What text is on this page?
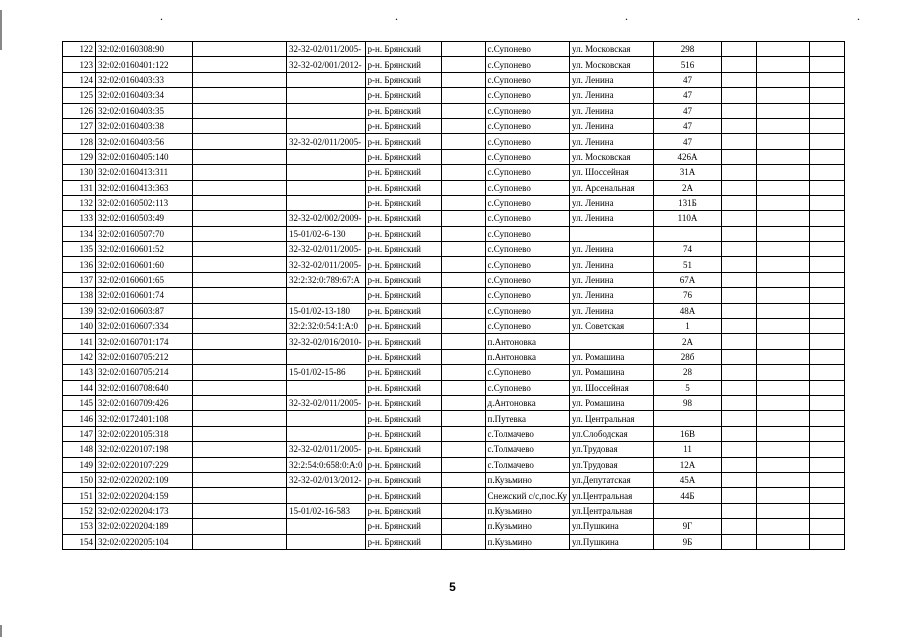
.	.	.	.
122	32:02:0160308:90		32-32-02/011/2005-	р-н. Брянский		с.Супонево	ул. Московская	298			
123	32:02:0160401:122		32-32-02/001/2012-	р-н. Брянский		с.Супонево	ул. Московская	516			
124	32:02:0160403:33			р-н. Брянский		с.Супонево	ул. Ленина	47			
125	32:02:0160403:34			р-н. Брянский		с.Супонево	ул. Ленина	47			
126	32:02:0160403:35			р-н. Брянский		с.Супонево	ул. Ленина	47			
127	32:02:0160403:38			р-н. Брянский		с.Супонево	ул. Ленина	47			
128	32:02:0160403:56		32-32-02/011/2005-	р-н. Брянский		с.Супонево	ул. Ленина	47			
129	32:02:0160405:140			р-н. Брянский		с.Супонево	ул. Московская	426А			
130	32:02:0160413:311			р-н. Брянский		с.Супонево	ул. Шоссейная	31А			
131	32:02:0160413:363			р-н. Брянский		с.Супонево	ул. Арсенальная	2А			
132	32:02:0160502:113			р-н. Брянский		с.Супонево	ул. Ленина	131Б			
133	32:02:0160503:49		32-32-02/002/2009-	р-н. Брянский		с.Супонево	ул. Ленина	110А			
134	32:02:0160507:70		15-01/02-6-130	р-н. Брянский		с.Супонево					
135	32:02:0160601:52		32-32-02/011/2005-	р-н. Брянский		с.Супонево	ул. Ленина	74			
136	32:02:0160601:60		32-32-02/011/2005-	р-н. Брянский		с.Супонево	ул. Ленина	51			
137	32:02:0160601:65		32:2:32:0:789:67:А	р-н. Брянский		с.Супонево	ул. Ленина	67А			
138	32:02:0160601:74			р-н. Брянский		с.Супонево	ул. Ленина	76			
139	32:02:0160603:87		15-01/02-13-180	р-н. Брянский		с.Супонево	ул. Ленина	48А			
140	32:02:0160607:334		32:2:32:0:54:1:А:0	р-н. Брянский		с.Супонево	ул. Советская	1			
141	32:02:0160701:174		32-32-02/016/2010-	р-н. Брянский		п.Антоновка		2А			
142	32:02:0160705:212			р-н. Брянский		п.Антоновка	ул. Ромашина	28б			
143	32:02:0160705:214		15-01/02-15-86	р-н. Брянский		с.Супонево	ул. Ромашина	28			
144	32:02:0160708:640			р-н. Брянский		с.Супонево	ул. Шоссейная	5			
145	32:02:0160709:426		32-32-02/011/2005-	р-н. Брянский		д.Антоновка	ул. Ромашина	98			
146	32:02:0172401:108			р-н. Брянский		п.Путевка	ул. Центральная				
147	32:02:0220105:318			р-н. Брянский		с.Толмачево	ул.Слободская	16В			
148	32:02:0220107:198		32-32-02/011/2005-	р-н. Брянский		с.Толмачево	ул.Трудовая	11			
149	32:02:0220107:229		32:2:54:0:658:0:А:0	р-н. Брянский		с.Толмачево	ул.Трудовая	12А			
150	32:02:0220202:109		32-32-02/013/2012-	р-н. Брянский		п.Кузьмино	ул.Депутатская	45А			
151	32:02:0220204:159			р-н. Брянский		Снежский с/с,пос.Ку	ул.Центральная	44Б			
152	32:02:0220204:173		15-01/02-16-583	р-н. Брянский		п.Кузьмино	ул.Центральная				
153	32:02:0220204:189			р-н. Брянский		п.Кузьмино	ул.Пушкина	9Г			
154	32:02:0220205:104			р-н. Брянский		п.Кузьмино	ул.Пушкина	9Б			
5
